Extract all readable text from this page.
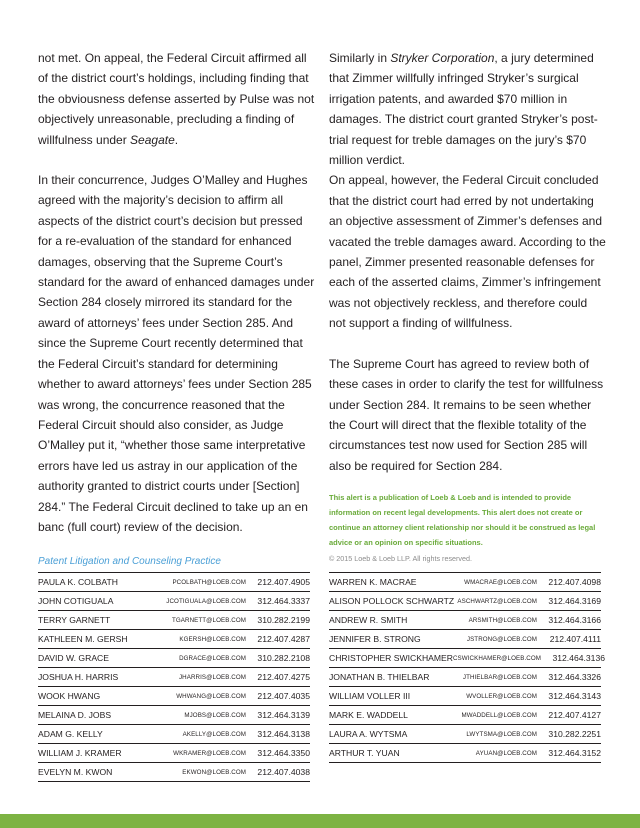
not met. On appeal, the Federal Circuit affirmed all of the district court’s holdings, including finding that the obviousness defense asserted by Pulse was not objectively unreasonable, precluding a finding of willfulness under Seagate.

In their concurrence, Judges O’Malley and Hughes agreed with the majority’s decision to affirm all aspects of the district court’s decision but pressed for a re-evaluation of the standard for enhanced damages, observing that the Supreme Court’s standard for the award of enhanced damages under Section 284 closely mirrored its standard for the award of attorneys’ fees under Section 285. And since the Supreme Court recently determined that the Federal Circuit’s standard for determining whether to award attorneys’ fees under Section 285 was wrong, the concurrence reasoned that the Federal Circuit should also consider, as Judge O’Malley put it, “whether those same interpretative errors have led us astray in our application of the authority granted to district courts under [Section] 284.” The Federal Circuit declined to take up an en banc (full court) review of the decision.

Similarly in Stryker Corporation, a jury determined that Zimmer willfully infringed Stryker’s surgical irrigation patents, and awarded $70 million in damages. The district court granted Stryker’s post-trial request for treble damages on the jury’s $70 million verdict.

On appeal, however, the Federal Circuit concluded that the district court had erred by not undertaking an objective assessment of Zimmer’s defenses and vacated the treble damages award. According to the panel, Zimmer presented reasonable defenses for each of the asserted claims, Zimmer’s infringement was not objectively reckless, and therefore could not support a finding of willfulness.

The Supreme Court has agreed to review both of these cases in order to clarify the test for willfulness under Section 284. It remains to be seen whether the Court will direct that the flexible totality of the circumstances test now used for Section 285 will also be required for Section 284.

This alert is a publication of Loeb & Loeb and is intended to provide information on recent legal developments. This alert does not create or continue an attorney client relationship nor should it be construed as legal advice or an opinion on specific situations.

© 2015 Loeb & Loeb LLP. All rights reserved.

Patent Litigation and Counseling Practice
PAULA K. COLBATH	PCOLBATH@LOEB.COM	212.407.4905
JOHN COTIGUALA	JCOTIGUALA@LOEB.COM	312.464.3337
TERRY GARNETT	TGARNETT@LOEB.COM	310.282.2199
KATHLEEN M. GERSH	KGERSH@LOEB.COM	212.407.4287
DAVID W. GRACE	DGRACE@LOEB.COM	310.282.2108
JOSHUA H. HARRIS	JHARRIS@LOEB.COM	212.407.4275
WOOK HWANG	WHWANG@LOEB.COM	212.407.4035
MELAINA D. JOBS	MJOBS@LOEB.COM	312.464.3139
ADAM G. KELLY	AKELLY@LOEB.COM	312.464.3138
WILLIAM J. KRAMER	WKRAMER@LOEB.COM	312.464.3350
EVELYN M. KWON	EKWON@LOEB.COM	212.407.4038
WARREN K. MACRAE	WMACRAE@LOEB.COM	212.407.4098
ALISON POLLOCK SCHWARTZ ASCHWARTZ@LOEB.COM	312.464.3169
ANDREW R. SMITH	ARSMITH@LOEB.COM	312.464.3166
JENNIFER B. STRONG	JSTRONG@LOEB.COM	212.407.4111
CHRISTOPHER SWICKHAMER CSWICKHAMER@LOEB.COM	312.464.3136
JONATHAN B. THIELBAR	JTHIELBAR@LOEB.COM	312.464.3326
WILLIAM VOLLER III	WVOLLER@LOEB.COM	312.464.3143
MARK E. WADDELL	MWADDELL@LOEB.COM	212.407.4127
LAURA A. WYTSMA	LWYTSMA@LOEB.COM	310.282.2251
ARTHUR T. YUAN	AYUAN@LOEB.COM	312.464.3152
